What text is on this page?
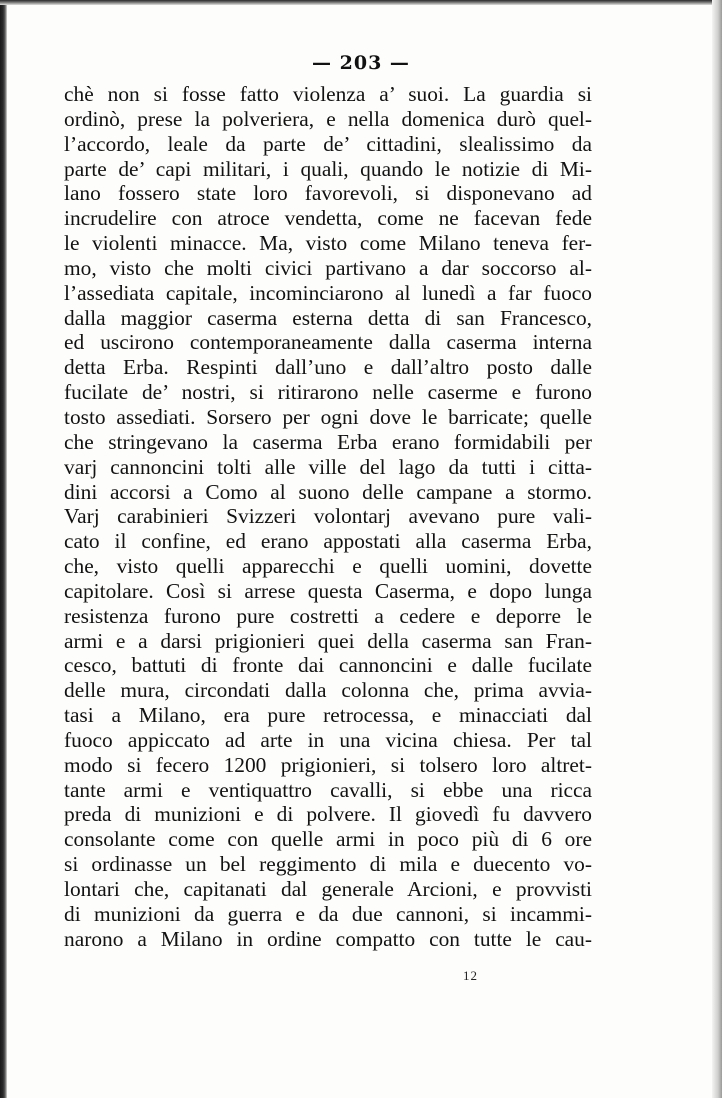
— 203 —
chè non si fosse fatto violenza a’ suoi. La guardia si
ordinò, prese la polveriera, e nella domenica durò quel-
l’accordo, leale da parte de’ cittadini, slealissimo da
parte de’ capi militari, i quali, quando le notizie di Mi-
lano fossero state loro favorevoli, si disponevano ad
incrudelire con atroce vendetta, come ne facevan fede
le violenti minacce. Ma, visto come Milano teneva fer-
mo, visto che molti civici partivano a dar soccorso al-
l’assediata capitale, incominciarono al lunedì a far fuoco
dalla maggior caserma esterna detta di san Francesco,
ed uscirono contemporaneamente dalla caserma interna
detta Erba. Respinti dall’uno e dall’altro posto dalle
fucilate de’ nostri, si ritirarono nelle caserme e furono
tosto assediati. Sorsero per ogni dove le barricate; quelle
che stringevano la caserma Erba erano formidabili per
varj cannoncini tolti alle ville del lago da tutti i citta-
dini accorsi a Como al suono delle campane a stormo.
Varj carabinieri Svizzeri volontarj avevano pure vali-
cato il confine, ed erano appostati alla caserma Erba,
che, visto quelli apparecchi e quelli uomini, dovette
capitolare. Così si arrese questa Caserma, e dopo lunga
resistenza furono pure costretti a cedere e deporre le
armi e a darsi prigionieri quei della caserma san Fran-
cesco, battuti di fronte dai cannoncini e dalle fucilate
delle mura, circondati dalla colonna che, prima avvia-
tasi a Milano, era pure retrocessa, e minacciati dal
fuoco appiccato ad arte in una vicina chiesa. Per tal
modo si fecero 1200 prigionieri, si tolsero loro altret-
tante armi e ventiquattro cavalli, si ebbe una ricca
preda di munizioni e di polvere. Il giovedì fu davvero
consolante come con quelle armi in poco più di 6 ore
si ordinasse un bel reggimento di mila e duecento vo-
lontari che, capitanati dal generale Arcioni, e provvisti
di munizioni da guerra e da due cannoni, si incammi-
narono a Milano in ordine compatto con tutte le cau-
12
